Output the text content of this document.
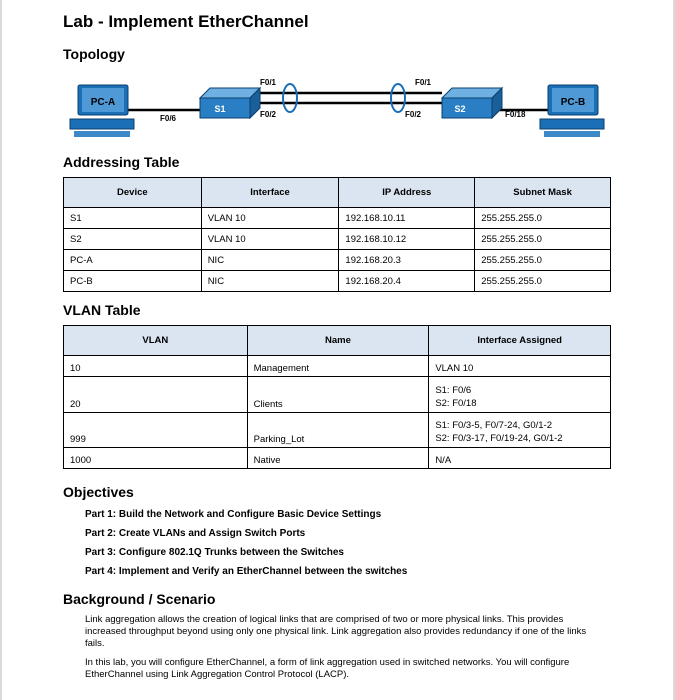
Lab - Implement EtherChannel
Topology
PC-A
S1	S2
PC-B
F0/6
F0/1
F0/2
F0/1
F0/2	F0/18
Addressing Table
Device	Interface	IP Address	Subnet Mask
S1	VLAN 10	192.168.10.11	255.255.255.0
S2	VLAN 10	192.168.10.12	255.255.255.0
PC-A	NIC	192.168.20.3	255.255.255.0
PC-B	NIC	192.168.20.4	255.255.255.0
VLAN Table
VLAN	Name	Interface Assigned
10	Management	VLAN 10
20	Clients	S1: F0/6
S2: F0/18

999	Parking_Lot	S1: F0/3-5, F0/7-24, G0/1-2
S2: F0/3-17, F0/19-24, G0/1-2

1000	Native	N/A
Objectives
Part 1: Build the Network and Configure Basic Device Settings
Part 2: Create VLANs and Assign Switch Ports
Part 3: Configure 802.1Q Trunks between the Switches
Part 4: Implement and Verify an EtherChannel between the switches
Background / Scenario
Link aggregation allows the creation of logical links that are comprised of two or more physical links. This provides increased throughput beyond using only one physical link. Link aggregation also provides redundancy if one of the links fails.
In this lab, you will configure EtherChannel, a form of link aggregation used in switched networks. You will configure EtherChannel using Link Aggregation Control Protocol (LACP).
